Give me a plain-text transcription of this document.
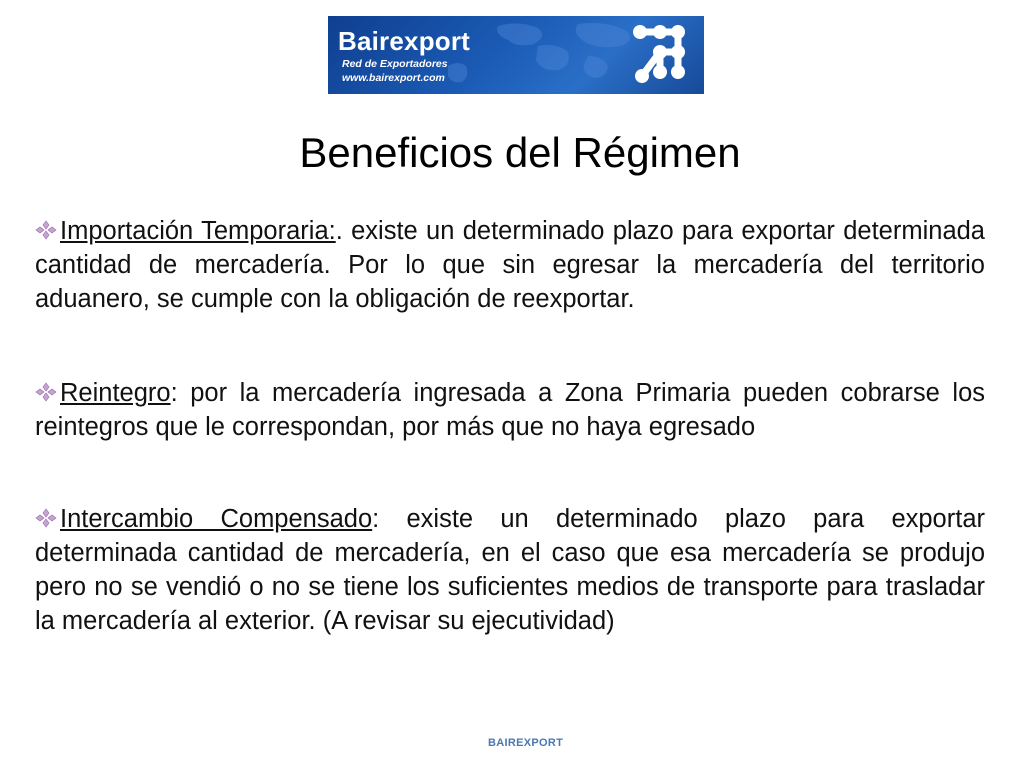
Bairexport
Red de Exportadores
www.bairexport.com
Beneficios del Régimen

Importación Temporaria:. existe un determinado plazo para exportar determinada cantidad de mercadería. Por lo que sin egresar la mercadería del territorio aduanero, se cumple con la obligación de reexportar.

Reintegro: por la mercadería ingresada a Zona Primaria pueden cobrarse los reintegros que le correspondan, por más que no haya egresado

Intercambio Compensado: existe un determinado plazo para exportar determinada cantidad de mercadería, en el caso que esa mercadería se produjo pero no se vendió o no se tiene los suficientes medios de transporte para trasladar la mercadería al exterior. (A revisar su ejecutividad)

BAIREXPORT
